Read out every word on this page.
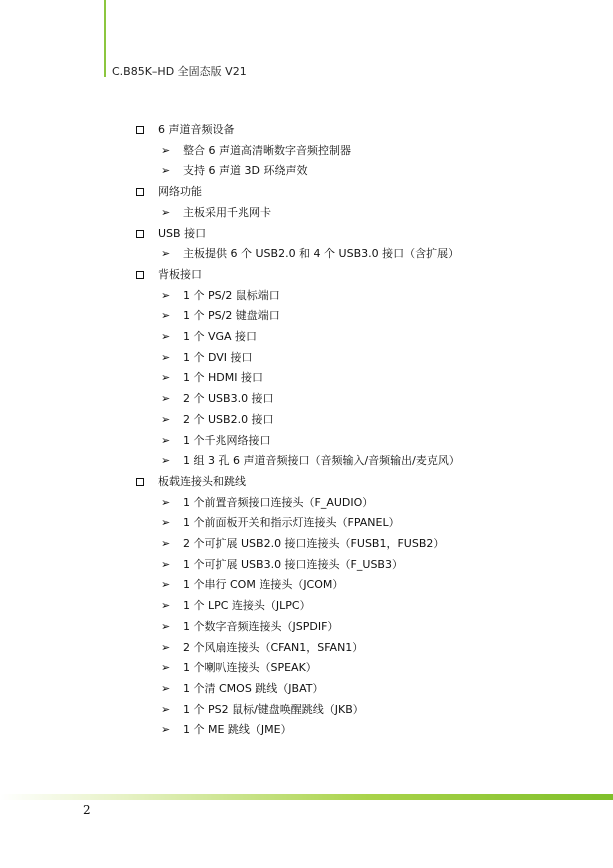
C.B85K–HD 全固态版 V21
6 声道音频设备
➢ 整合 6 声道高清晰数字音频控制器
➢ 支持 6 声道 3D 环绕声效
网络功能
➢ 主板采用千兆网卡
USB 接口
➢ 主板提供 6 个 USB2.0 和 4 个 USB3.0 接口（含扩展）
背板接口
➢ 1 个 PS/2 鼠标端口
➢ 1 个 PS/2 键盘端口
➢ 1 个 VGA 接口
➢ 1 个 DVI 接口
➢ 1 个 HDMI 接口
➢ 2 个 USB3.0 接口
➢ 2 个 USB2.0 接口
➢ 1 个千兆网络接口
➢ 1 组 3 孔 6 声道音频接口（音频输入/音频输出/麦克风）
板载连接头和跳线
➢ 1 个前置音频接口连接头（F_AUDIO）
➢ 1 个前面板开关和指示灯连接头（FPANEL）
➢ 2 个可扩展 USB2.0 接口连接头（FUSB1，FUSB2）
➢ 1 个可扩展 USB3.0 接口连接头（F_USB3）
➢ 1 个串行 COM 连接头（JCOM）
➢ 1 个 LPC 连接头（JLPC）
➢ 1 个数字音频连接头（JSPDIF）
➢ 2 个风扇连接头（CFAN1，SFAN1）
➢ 1 个喇叭连接头（SPEAK）
➢ 1 个清 CMOS 跳线（JBAT）
➢ 1 个 PS2 鼠标/键盘唤醒跳线（JKB）
➢ 1 个 ME 跳线（JME）
2
